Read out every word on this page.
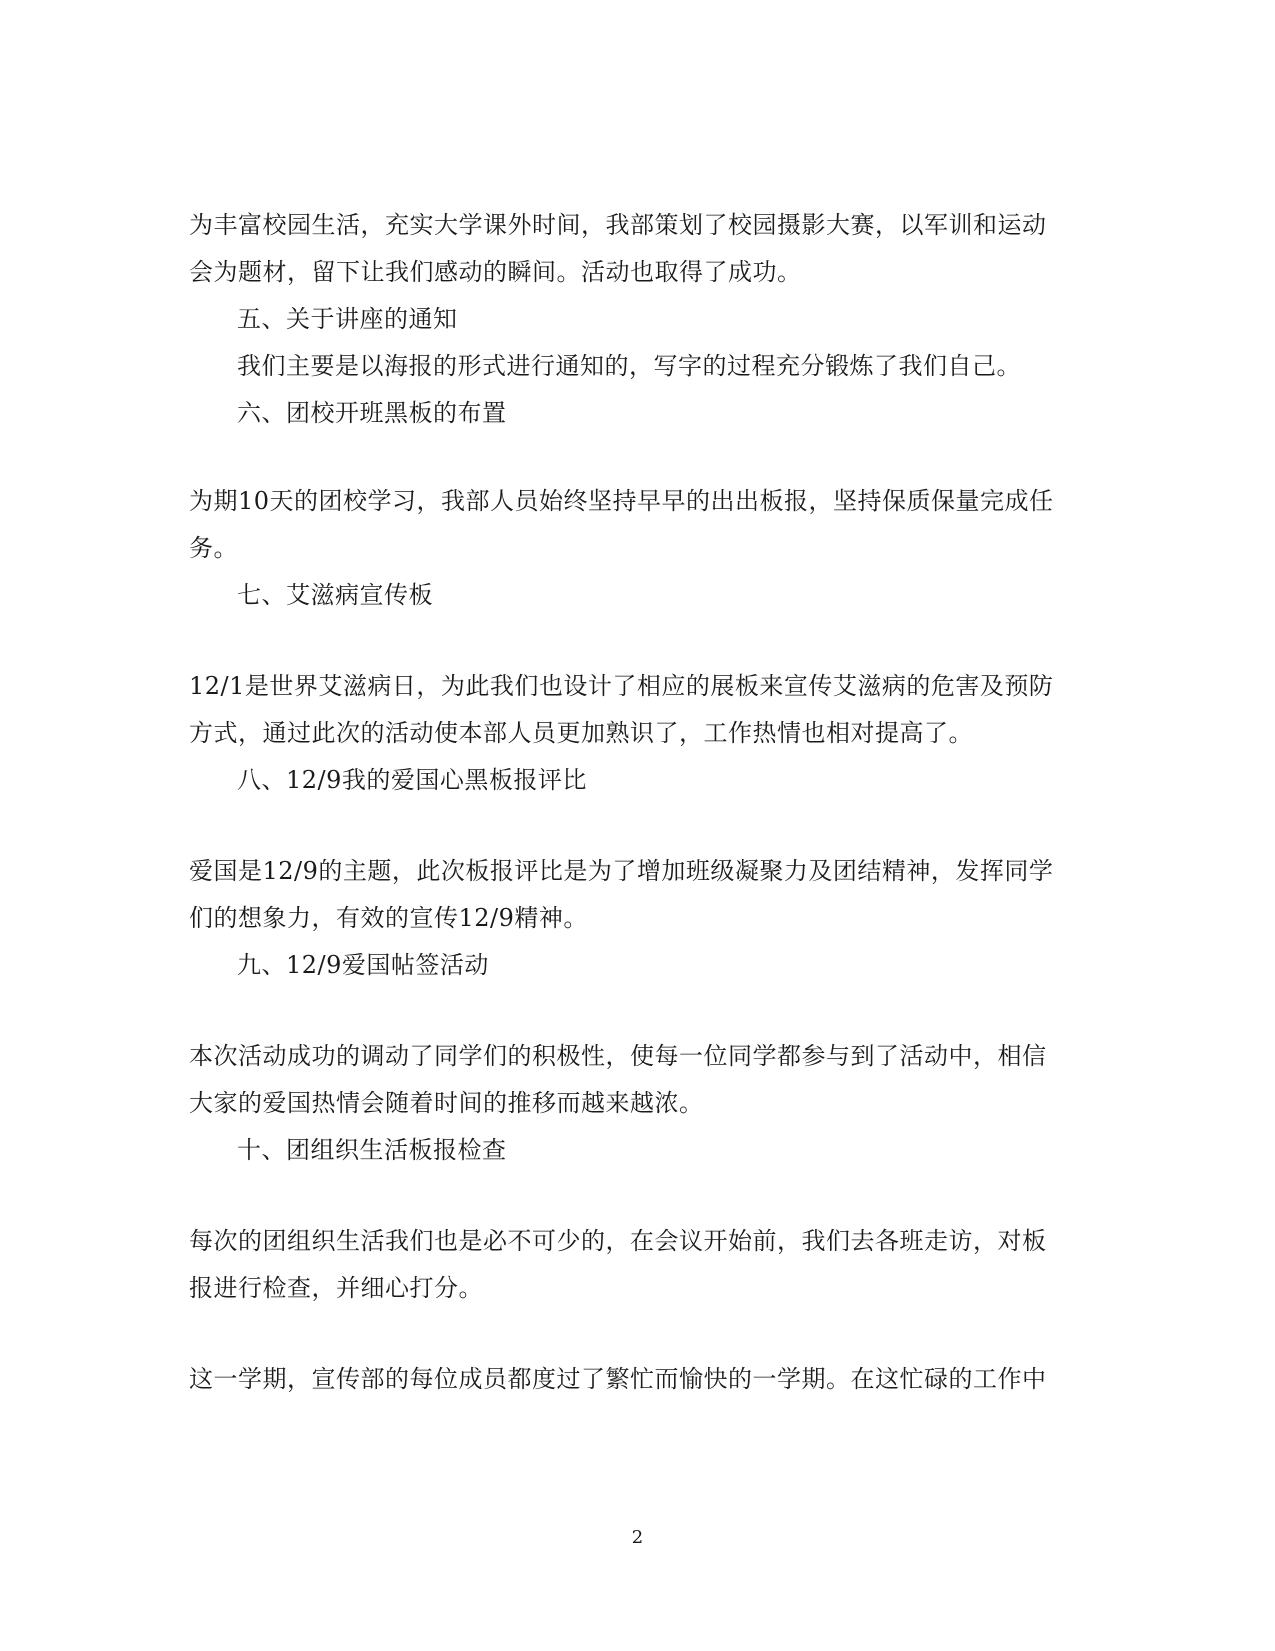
为丰富校园生活，充实大学课外时间，我部策划了校园摄影大赛，以军训和运动
会为题材，留下让我们感动的瞬间。活动也取得了成功。
五、关于讲座的通知
我们主要是以海报的形式进行通知的，写字的过程充分锻炼了我们自己。
六、团校开班黑板的布置
为期10天的团校学习，我部人员始终坚持早早的出出板报，坚持保质保量完成任
务。
七、艾滋病宣传板
12/1是世界艾滋病日，为此我们也设计了相应的展板来宣传艾滋病的危害及预防
方式，通过此次的活动使本部人员更加熟识了，工作热情也相对提高了。
八、12/9我的爱国心黑板报评比
爱国是12/9的主题，此次板报评比是为了增加班级凝聚力及团结精神，发挥同学
们的想象力，有效的宣传12/9精神。
九、12/9爱国帖签活动
本次活动成功的调动了同学们的积极性，使每一位同学都参与到了活动中，相信
大家的爱国热情会随着时间的推移而越来越浓。
十、团组织生活板报检查
每次的团组织生活我们也是必不可少的，在会议开始前，我们去各班走访，对板
报进行检查，并细心打分。
这一学期，宣传部的每位成员都度过了繁忙而愉快的一学期。在这忙碌的工作中
2
